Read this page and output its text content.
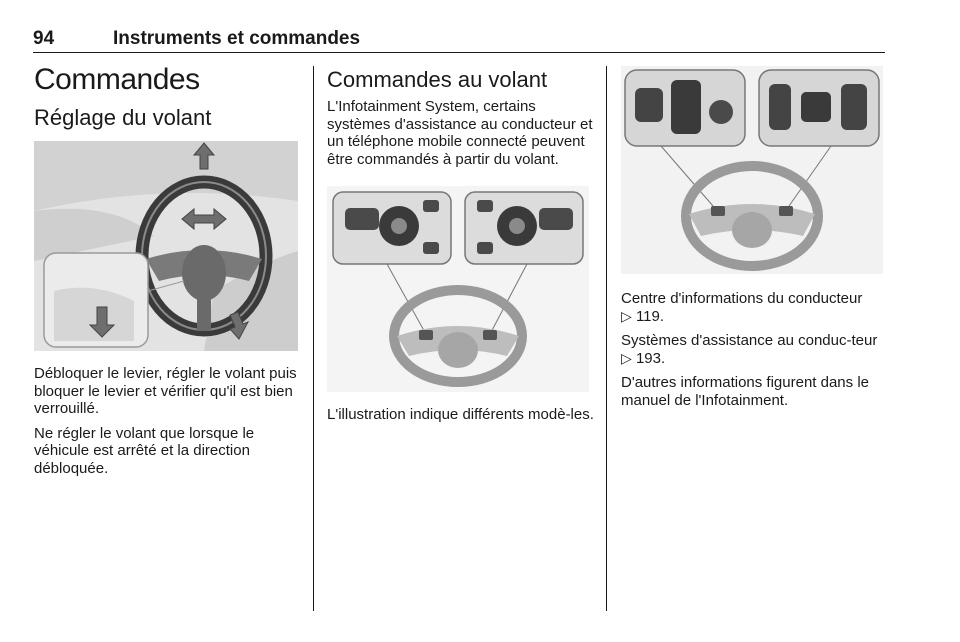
94	Instruments et commandes
Commandes
Réglage du volant

Débloquer le levier, régler le volant puis bloquer le levier et vérifier qu'il est bien verrouillé.

Ne régler le volant que lorsque le véhicule est arrêté et la direction débloquée.

Commandes au volant

L'Infotainment System, certains systèmes d'assistance au conducteur et un téléphone mobile connecté peuvent être commandés à partir du volant.

L'illustration indique différents modè-les.

Centre d'informations du conducteur
▷ 119.

Systèmes d'assistance au conduc-teur ▷ 193.

D'autres informations figurent dans le manuel de l'Infotainment.
